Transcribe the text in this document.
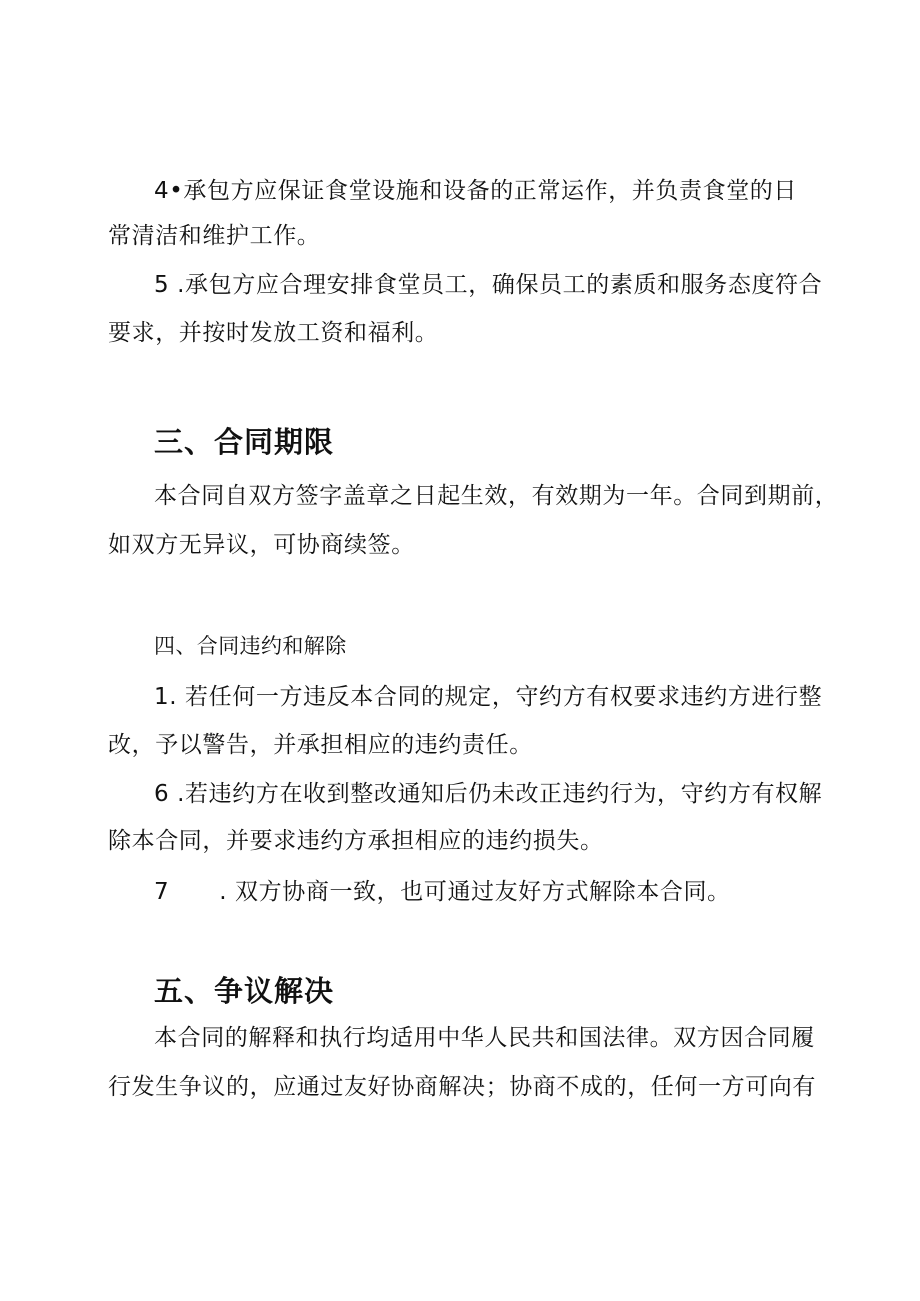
4•承包方应保证食堂设施和设备的正常运作，并负责食堂的日
常清洁和维护工作。
5 .承包方应合理安排食堂员工，确保员工的素质和服务态度符合
要求，并按时发放工资和福利。
三、合同期限
本合同自双方签字盖章之日起生效，有效期为一年。合同到期前，
如双方无异议，可协商续签。
四、合同违约和解除
1. 若任何一方违反本合同的规定，守约方有权要求违约方进行整
改，予以警告，并承担相应的违约责任。
6 .若违约方在收到整改通知后仍未改正违约行为，守约方有权解
除本合同，并要求违约方承担相应的违约损失。
7 . 双方协商一致，也可通过友好方式解除本合同。
五、争议解决
本合同的解释和执行均适用中华人民共和国法律。双方因合同履
行发生争议的，应通过友好协商解决；协商不成的，任何一方可向有
